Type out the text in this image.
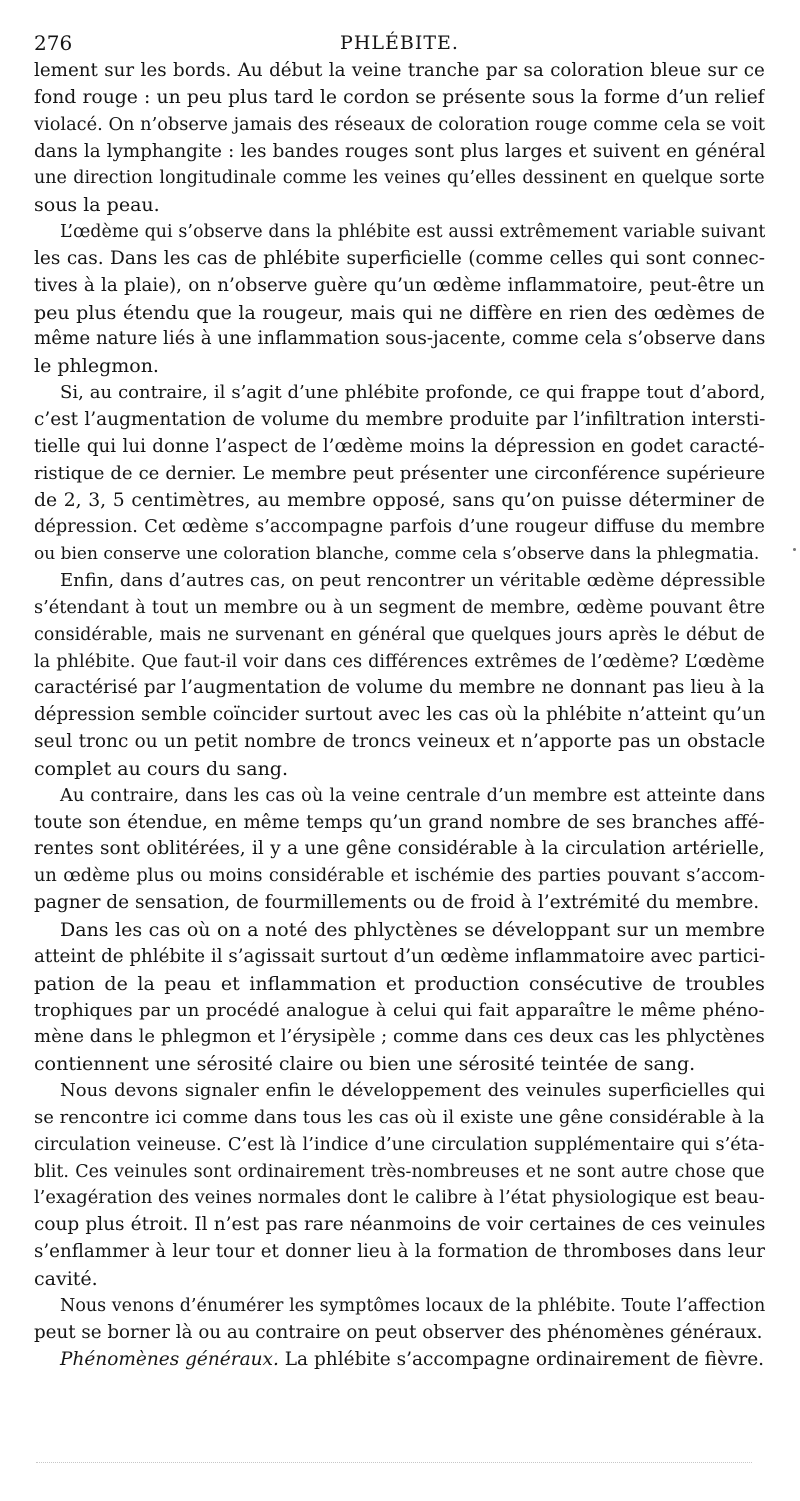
276	PHLÉBITE.

lement sur les bords. Au début la veine tranche par sa coloration bleue sur ce
fond rouge : un peu plus tard le cordon se présente sous la forme d’un relief
violacé. On n’observe jamais des réseaux de coloration rouge comme cela se voit
dans la lymphangite : les bandes rouges sont plus larges et suivent en général
une direction longitudinale comme les veines qu’elles dessinent en quelque sorte
sous la peau.

L’œdème qui s’observe dans la phlébite est aussi extrêmement variable suivant
les cas. Dans les cas de phlébite superficielle (comme celles qui sont connec-
tives à la plaie), on n’observe guère qu’un œdème inflammatoire, peut-être un
peu plus étendu que la rougeur, mais qui ne diffère en rien des œdèmes de
même nature liés à une inflammation sous-jacente, comme cela s’observe dans
le phlegmon.

Si, au contraire, il s’agit d’une phlébite profonde, ce qui frappe tout d’abord,
c’est l’augmentation de volume du membre produite par l’infiltration intersti-
tielle qui lui donne l’aspect de l’œdème moins la dépression en godet caracté-
ristique de ce dernier. Le membre peut présenter une circonférence supérieure
de 2, 3, 5 centimètres, au membre opposé, sans qu’on puisse déterminer de
dépression. Cet œdème s’accompagne parfois d’une rougeur diffuse du membre
ou bien conserve une coloration blanche, comme cela s’observe dans la phlegmatia.

Enfin, dans d’autres cas, on peut rencontrer un véritable œdème dépressible
s’étendant à tout un membre ou à un segment de membre, œdème pouvant être
considérable, mais ne survenant en général que quelques jours après le début de
la phlébite. Que faut-il voir dans ces différences extrêmes de l’œdème? L’œdème
caractérisé par l’augmentation de volume du membre ne donnant pas lieu à la
dépression semble coïncider surtout avec les cas où la phlébite n’atteint qu’un
seul tronc ou un petit nombre de troncs veineux et n’apporte pas un obstacle
complet au cours du sang.

Au contraire, dans les cas où la veine centrale d’un membre est atteinte dans
toute son étendue, en même temps qu’un grand nombre de ses branches affé-
rentes sont oblitérées, il y a une gêne considérable à la circulation artérielle,
un œdème plus ou moins considérable et ischémie des parties pouvant s’accom-
pagner de sensation, de fourmillements ou de froid à l’extrémité du membre.

Dans les cas où on a noté des phlyctènes se développant sur un membre
atteint de phlébite il s’agissait surtout d’un œdème inflammatoire avec partici-
pation de la peau et inflammation et production consécutive de troubles
trophiques par un procédé analogue à celui qui fait apparaître le même phéno-
mène dans le phlegmon et l’érysipèle ; comme dans ces deux cas les phlyctènes
contiennent une sérosité claire ou bien une sérosité teintée de sang.

Nous devons signaler enfin le développement des veinules superficielles qui
se rencontre ici comme dans tous les cas où il existe une gêne considérable à la
circulation veineuse. C’est là l’indice d’une circulation supplémentaire qui s’éta-
blit. Ces veinules sont ordinairement très-nombreuses et ne sont autre chose que
l’exagération des veines normales dont le calibre à l’état physiologique est beau-
coup plus étroit. Il n’est pas rare néanmoins de voir certaines de ces veinules
s’enflammer à leur tour et donner lieu à la formation de thromboses dans leur
cavité.

Nous venons d’énumérer les symptômes locaux de la phlébite. Toute l’affection
peut se borner là ou au contraire on peut observer des phénomènes généraux.

Phénomènes généraux. La phlébite s’accompagne ordinairement de fièvre.
